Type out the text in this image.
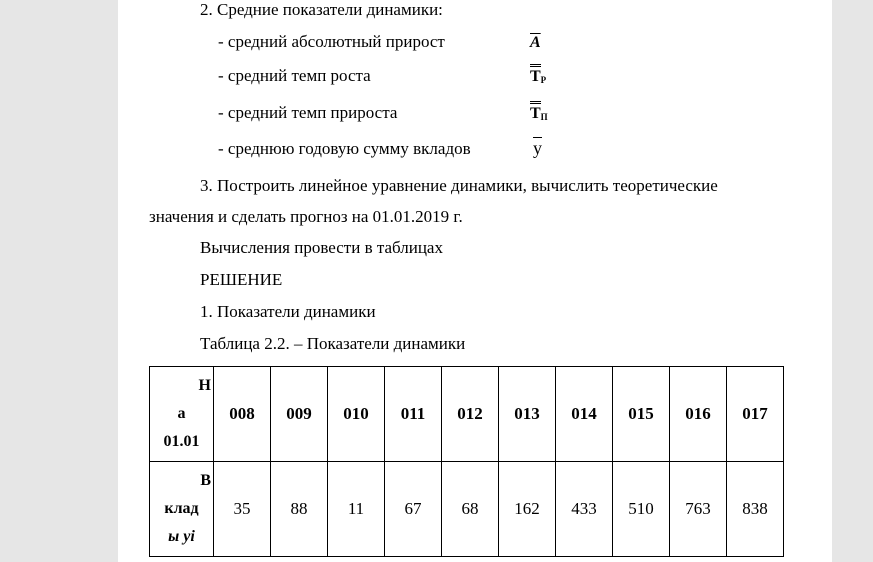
2. Средние показатели динамики:
- средний абсолютный прирост	$\overline{A}$
- средний темп роста	$T_Р$
- средний темп прироста	$T_П$
- среднюю годовую сумму вкладов	$\overline{y}$
3. Построить линейное уравнение динамики, вычислить теоретические
значения и сделать прогноз на 01.01.2019 г.
Вычисления провести в таблицах
РЕШЕНИЕ
1. Показатели динамики
Таблица 2.2. – Показатели динамики
Н
а
01.01	008	009	010	011	012	013	014	015	016	017

В
клад
ы yi	35	88	11	67	68	162	433	510	763	838
